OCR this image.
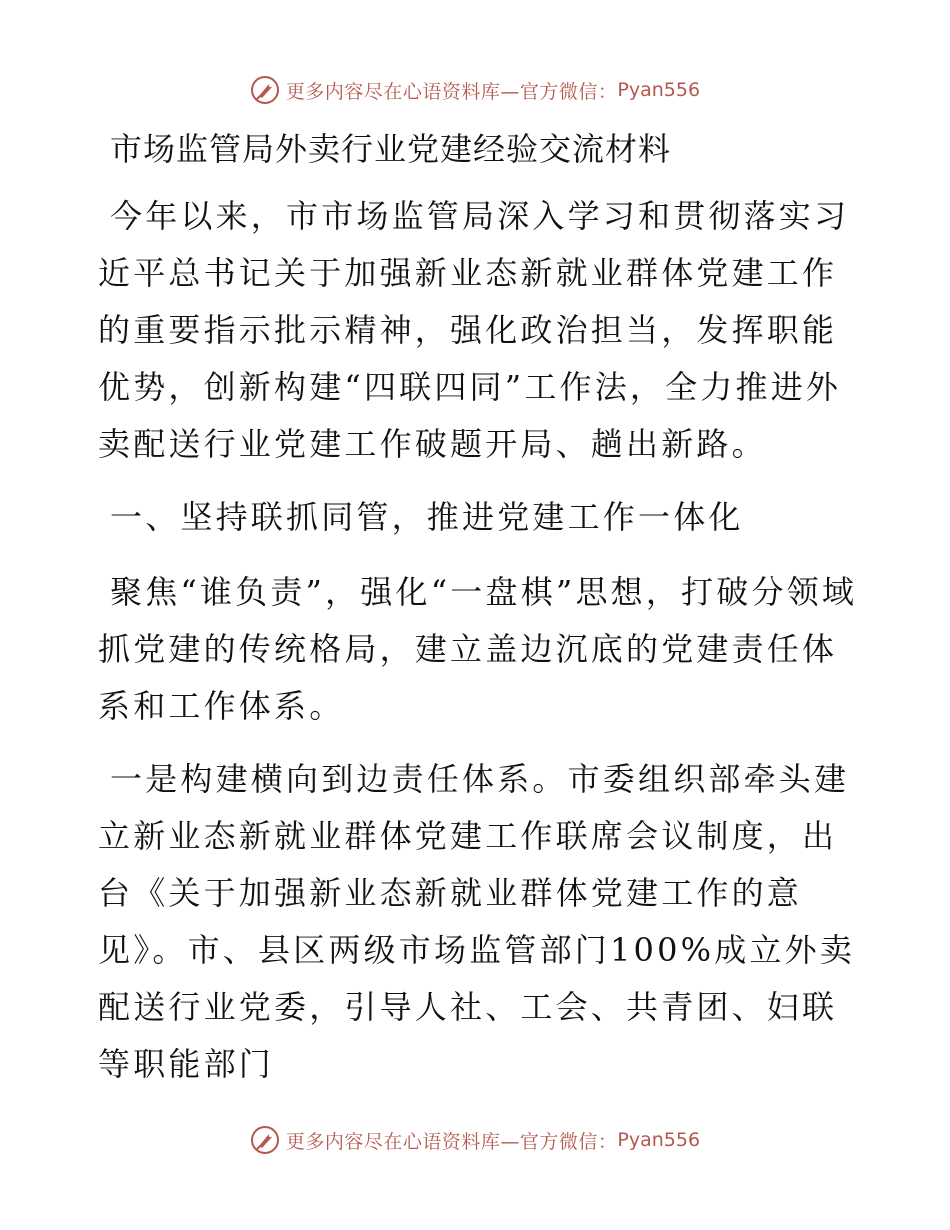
更多内容尽在心语资料库—官方微信： Pyan556
市场监管局外卖行业党建经验交流材料

今年以来，市市场监管局深入学习和贯彻落实习近平总书记关于加强新业态新就业群体党建工作的重要指示批示精神，强化政治担当，发挥职能优势，创新构建“四联四同”工作法，全力推进外卖配送行业党建工作破题开局、趟出新路。

一、坚持联抓同管，推进党建工作一体化

聚焦“谁负责”，强化“一盘棋”思想，打破分领域抓党建的传统格局，建立盖边沉底的党建责任体系和工作体系。

一是构建横向到边责任体系。市委组织部牵头建立新业态新就业群体党建工作联席会议制度，出台《关于加强新业态新就业群体党建工作的意见》。市、县区两级市场监管部门100%成立外卖配送行业党委，引导人社、工会、共青团、妇联等职能部门

更多内容尽在心语资料库—官方微信： Pyan556
